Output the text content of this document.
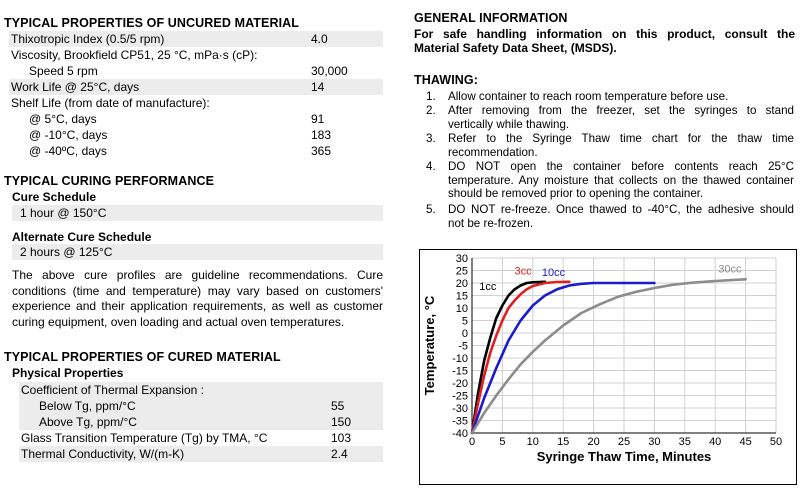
TYPICAL PROPERTIES OF UNCURED MATERIAL
Thixotropic Index (0.5/5 rpm)	4.0
Viscosity, Brookfield CP51, 25 °C, mPa·s (cP):
Speed 5 rpm	30,000
Work Life @ 25°C, days	14
Shelf Life (from date of manufacture):
@ 5°C, days	91
@ -10°C, days	183
@ -40ºC, days	365
TYPICAL CURING PERFORMANCE
Cure Schedule
1 hour @ 150°C
Alternate Cure Schedule
2 hours @ 125°C
The above cure profiles are guideline recommendations. Cure conditions (time and temperature) may vary based on customers' experience and their application requirements, as well as customer curing equipment, oven loading and actual oven temperatures.
TYPICAL PROPERTIES OF CURED MATERIAL
Physical Properties
Coefficient of Thermal Expansion :
Below Tg, ppm/°C	55
Above Tg, ppm/°C	150
Glass Transition Temperature (Tg) by TMA, °C	103
Thermal Conductivity, W/(m-K)	2.4
GENERAL INFORMATION
For safe handling information on this product, consult the
Material Safety Data Sheet, (MSDS).
THAWING:
1. Allow container to reach room temperature before use.
2. After removing from the freezer, set the syringes to stand
vertically while thawing.
3. Refer to the Syringe Thaw time chart for the thaw time
recommendation.
4. DO NOT open the container before contents reach 25°C
temperature. Any moisture that collects on the thawed container
should be removed prior to opening the container.
5. DO NOT re-freeze. Once thawed to -40°C, the adhesive should
not be re-frozen.
0 5 10 15 20 25 30 35 40 45 50
-40
-35
-30
-25
-20
-15
-10
-5
0
5
10
15
20
25
30
Syringe Thaw Time, Minutes
Temperature, °C
1cc
3cc 10cc	30cc
